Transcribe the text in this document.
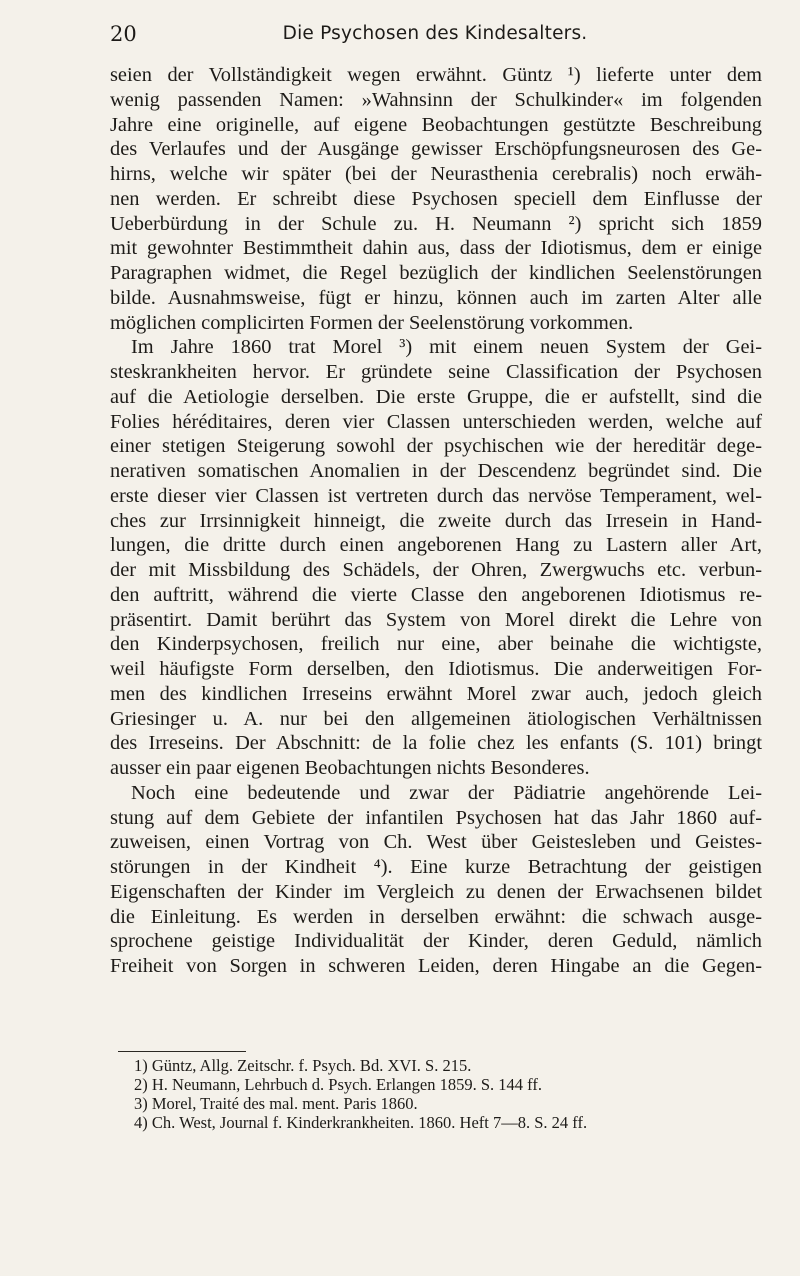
20	Die Psychosen des Kindesalters.
seien der Vollständigkeit wegen erwähnt. Güntz ¹) lieferte unter dem
wenig passenden Namen: »Wahnsinn der Schulkinder« im folgenden
Jahre eine originelle, auf eigene Beobachtungen gestützte Beschreibung
des Verlaufes und der Ausgänge gewisser Erschöpfungsneurosen des Ge-
hirns, welche wir später (bei der Neurasthenia cerebralis) noch erwäh-
nen werden. Er schreibt diese Psychosen speciell dem Einflusse der
Ueberbürdung in der Schule zu. H. Neumann ²) spricht sich 1859
mit gewohnter Bestimmtheit dahin aus, dass der Idiotismus, dem er einige
Paragraphen widmet, die Regel bezüglich der kindlichen Seelenstörungen
bilde. Ausnahmsweise, fügt er hinzu, können auch im zarten Alter alle
möglichen complicirten Formen der Seelenstörung vorkommen.
Im Jahre 1860 trat Morel ³) mit einem neuen System der Gei-
steskrankheiten hervor. Er gründete seine Classification der Psychosen
auf die Aetiologie derselben. Die erste Gruppe, die er aufstellt, sind die
Folies héréditaires, deren vier Classen unterschieden werden, welche auf
einer stetigen Steigerung sowohl der psychischen wie der hereditär dege-
nerativen somatischen Anomalien in der Descendenz begründet sind. Die
erste dieser vier Classen ist vertreten durch das nervöse Temperament, wel-
ches zur Irrsinnigkeit hinneigt, die zweite durch das Irresein in Hand-
lungen, die dritte durch einen angeborenen Hang zu Lastern aller Art,
der mit Missbildung des Schädels, der Ohren, Zwergwuchs etc. verbun-
den auftritt, während die vierte Classe den angeborenen Idiotismus re-
präsentirt. Damit berührt das System von Morel direkt die Lehre von
den Kinderpsychosen, freilich nur eine, aber beinahe die wichtigste,
weil häufigste Form derselben, den Idiotismus. Die anderweitigen For-
men des kindlichen Irreseins erwähnt Morel zwar auch, jedoch gleich
Griesinger u. A. nur bei den allgemeinen ätiologischen Verhältnissen
des Irreseins. Der Abschnitt: de la folie chez les enfants (S. 101) bringt
ausser ein paar eigenen Beobachtungen nichts Besonderes.
Noch eine bedeutende und zwar der Pädiatrie angehörende Lei-
stung auf dem Gebiete der infantilen Psychosen hat das Jahr 1860 auf-
zuweisen, einen Vortrag von Ch. West über Geistesleben und Geistes-
störungen in der Kindheit ⁴). Eine kurze Betrachtung der geistigen
Eigenschaften der Kinder im Vergleich zu denen der Erwachsenen bildet
die Einleitung. Es werden in derselben erwähnt: die schwach ausge-
sprochene geistige Individualität der Kinder, deren Geduld, nämlich
Freiheit von Sorgen in schweren Leiden, deren Hingabe an die Gegen-
1) Güntz, Allg. Zeitschr. f. Psych. Bd. XVI. S. 215.
2) H. Neumann, Lehrbuch d. Psych. Erlangen 1859. S. 144 ff.
3) Morel, Traité des mal. ment. Paris 1860.
4) Ch. West, Journal f. Kinderkrankheiten. 1860. Heft 7—8. S. 24 ff.
